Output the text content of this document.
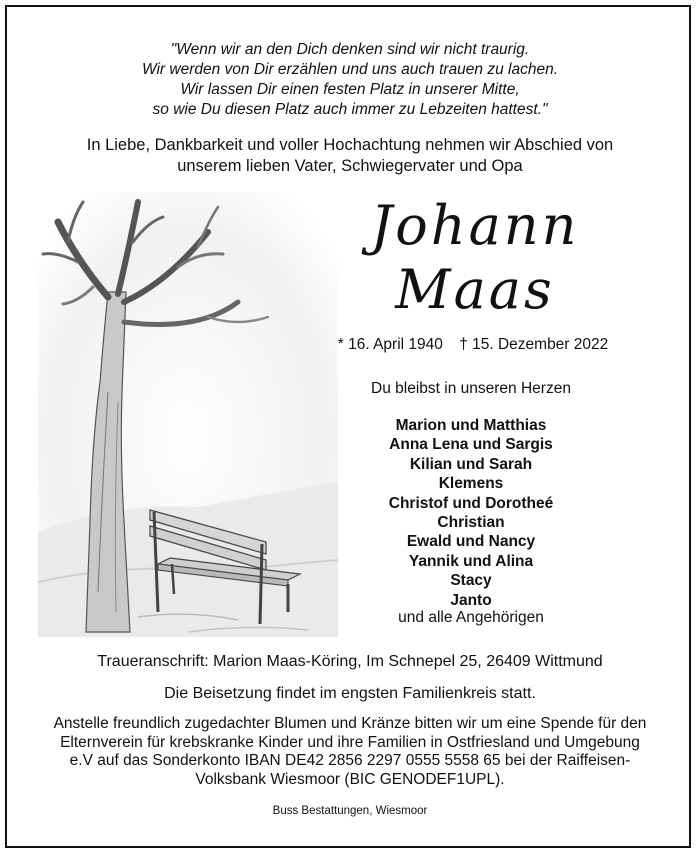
"Wenn wir an den Dich denken sind wir nicht traurig.
Wir werden von Dir erzählen und uns auch trauen zu lachen.
Wir lassen Dir einen festen Platz in unserer Mitte,
so wie Du diesen Platz auch immer zu Lebzeiten hattest."
In Liebe, Dankbarkeit und voller Hochachtung nehmen wir Abschied von
unserem lieben Vater, Schwiegervater und Opa
Johann
Maas
* 16. April 1940 † 15. Dezember 2022
Du bleibst in unseren Herzen
Marion und Matthias
Anna Lena und Sargis
Kilian und Sarah
Klemens
Christof und Dorotheé
Christian
Ewald und Nancy
Yannik und Alina
Stacy
Janto
und alle Angehörigen
Traueranschrift: Marion Maas-Köring, Im Schnepel 25, 26409 Wittmund
Die Beisetzung findet im engsten Familienkreis statt.
Anstelle freundlich zugedachter Blumen und Kränze bitten wir um eine Spende für den
Elternverein für krebskranke Kinder und ihre Familien in Ostfriesland und Umgebung
e.V auf das Sonderkonto IBAN DE42 2856 2297 0555 5558 65 bei der Raiffeisen-
Volksbank Wiesmoor (BIC GENODEF1UPL).
Buss Bestattungen, Wiesmoor
